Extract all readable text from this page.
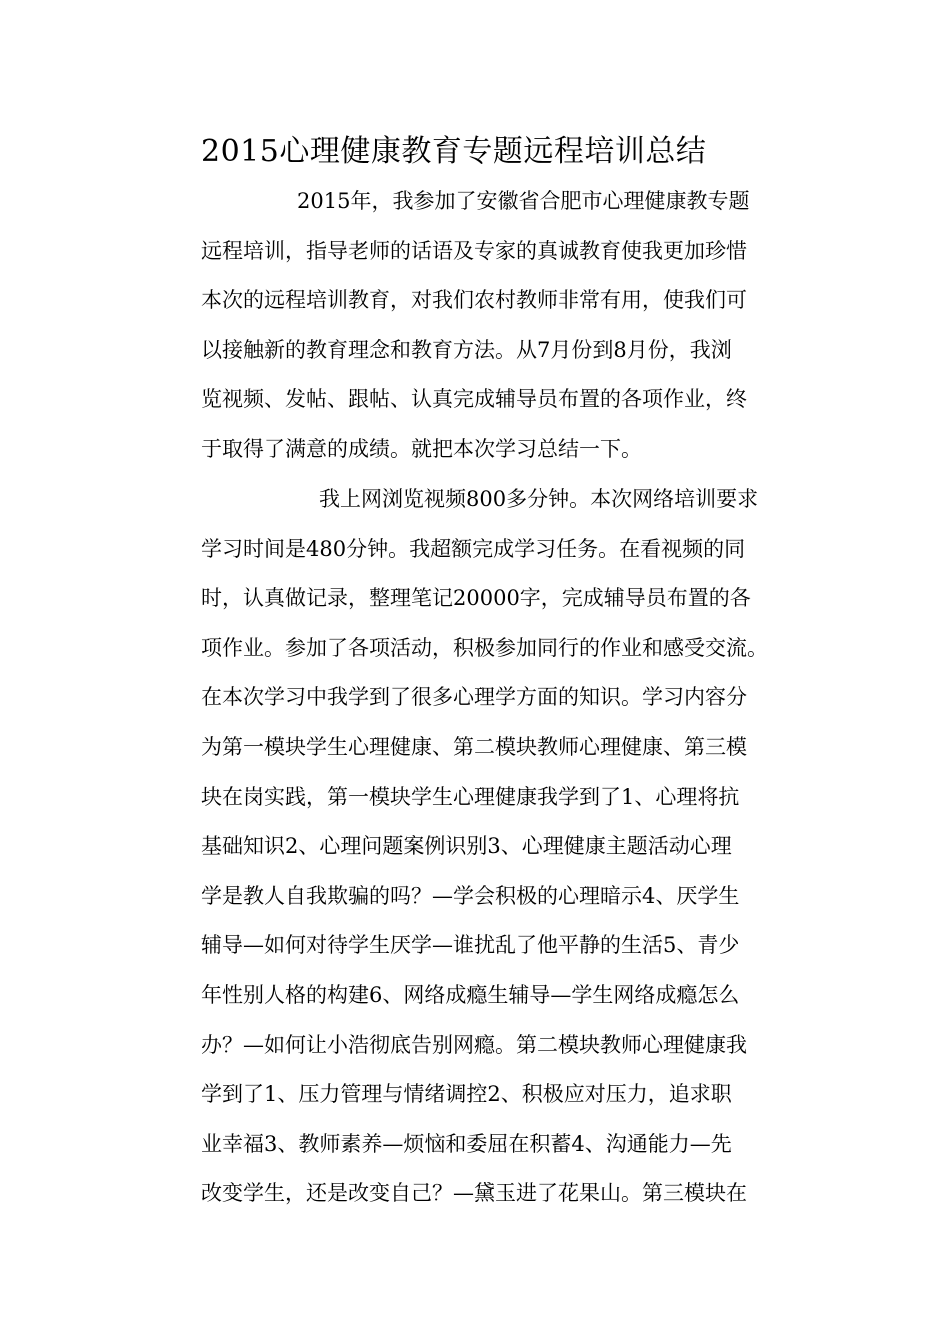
2015心理健康教育专题远程培训总结
2015年，我参加了安徽省合肥市心理健康教专题
远程培训，指导老师的话语及专家的真诚教育使我更加珍惜
本次的远程培训教育，对我们农村教师非常有用，使我们可
以接触新的教育理念和教育方法。从7月份到8月份，我浏
览视频、发帖、跟帖、认真完成辅导员布置的各项作业，终
于取得了满意的成绩。就把本次学习总结一下。
我上网浏览视频800多分钟。本次网络培训要求
学习时间是480分钟。我超额完成学习任务。在看视频的同
时，认真做记录，整理笔记20000字，完成辅导员布置的各
项作业。参加了各项活动，积极参加同行的作业和感受交流。
在本次学习中我学到了很多心理学方面的知识。学习内容分
为第一模块学生心理健康、第二模块教师心理健康、第三模
块在岗实践，第一模块学生心理健康我学到了1、心理将抗
基础知识2、心理问题案例识别3、心理健康主题活动心理
学是教人自我欺骗的吗？—学会积极的心理暗示4、厌学生
辅导—如何对待学生厌学—谁扰乱了他平静的生活5、青少
年性别人格的构建6、网络成瘾生辅导—学生网络成瘾怎么
办？—如何让小浩彻底告别网瘾。第二模块教师心理健康我
学到了1、压力管理与情绪调控2、积极应对压力，追求职
业幸福3、教师素养—烦恼和委屈在积蓄4、沟通能力—先
改变学生，还是改变自己？—黛玉进了花果山。第三模块在
